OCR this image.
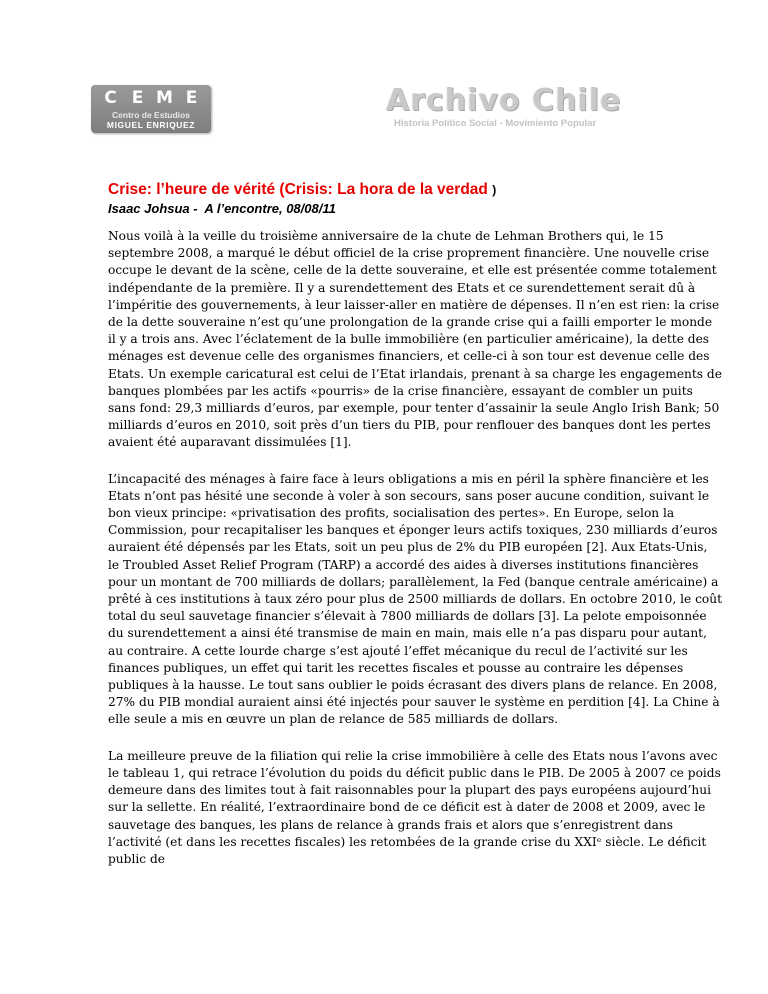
C E M E
Centro de Estudios
MIGUEL ENRIQUEZ
Archivo Chile
Historia Político Social - Movimiento Popular
Crise: l’heure de vérité (Crisis: La hora de la verdad )
Isaac Johsua -  A l’encontre, 08/08/11

Nous voilà à la veille du troisième anniversaire de la chute de Lehman Brothers qui, le 15 septembre 2008, a marqué le début officiel de la crise proprement financière. Une nouvelle crise occupe le devant de la scène, celle de la dette souveraine, et elle est présentée comme totalement indépendante de la première. Il y a surendettement des Etats et ce surendettement serait dû à l’impéritie des gouvernements, à leur laisser-aller en matière de dépenses. Il n’en est rien: la crise de la dette souveraine n’est qu’une prolongation de la grande crise qui a failli emporter le monde il y a trois ans. Avec l’éclatement de la bulle immobilière (en particulier américaine), la dette des ménages est devenue celle des organismes financiers, et celle-ci à son tour est devenue celle des Etats. Un exemple caricatural est celui de l’Etat irlandais, prenant à sa charge les engagements de banques plombées par les actifs «pourris» de la crise financière, essayant de combler un puits sans fond: 29,3 milliards d’euros, par exemple, pour tenter d’assainir la seule Anglo Irish Bank; 50 milliards d’euros en 2010, soit près d’un tiers du PIB, pour renflouer des banques dont les pertes avaient été auparavant dissimulées [1].

L’incapacité des ménages à faire face à leurs obligations a mis en péril la sphère financière et les Etats n’ont pas hésité une seconde à voler à son secours, sans poser aucune condition, suivant le bon vieux principe: «privatisation des profits, socialisation des pertes». En Europe, selon la Commission, pour recapitaliser les banques et éponger leurs actifs toxiques, 230 milliards d’euros auraient été dépensés par les Etats, soit un peu plus de 2% du PIB européen [2]. Aux Etats-Unis, le Troubled Asset Relief Program (TARP) a accordé des aides à diverses institutions financières pour un montant de 700 milliards de dollars; parallèlement, la Fed (banque centrale américaine) a prêté à ces institutions à taux zéro pour plus de 2500 milliards de dollars. En octobre 2010, le coût total du seul sauvetage financier s’élevait à 7800 milliards de dollars [3]. La pelote empoisonnée du surendettement a ainsi été transmise de main en main, mais elle n’a pas disparu pour autant, au contraire. A cette lourde charge s’est ajouté l’effet mécanique du recul de l’activité sur les finances publiques, un effet qui tarit les recettes fiscales et pousse au contraire les dépenses publiques à la hausse. Le tout sans oublier le poids écrasant des divers plans de relance. En 2008, 27% du PIB mondial auraient ainsi été injectés pour sauver le système en perdition [4]. La Chine à elle seule a mis en œuvre un plan de relance de 585 milliards de dollars.

La meilleure preuve de la filiation qui relie la crise immobilière à celle des Etats nous l’avons avec le tableau 1, qui retrace l’évolution du poids du déficit public dans le PIB. De 2005 à 2007 ce poids demeure dans des limites tout à fait raisonnables pour la plupart des pays européens aujourd’hui sur la sellette. En réalité, l’extraordinaire bond de ce déficit est à dater de 2008 et 2009, avec le sauvetage des banques, les plans de relance à grands frais et alors que s’enregistrent dans l’activité (et dans les recettes fiscales) les retombées de la grande crise du XXIᵉ siècle. Le déficit public de
